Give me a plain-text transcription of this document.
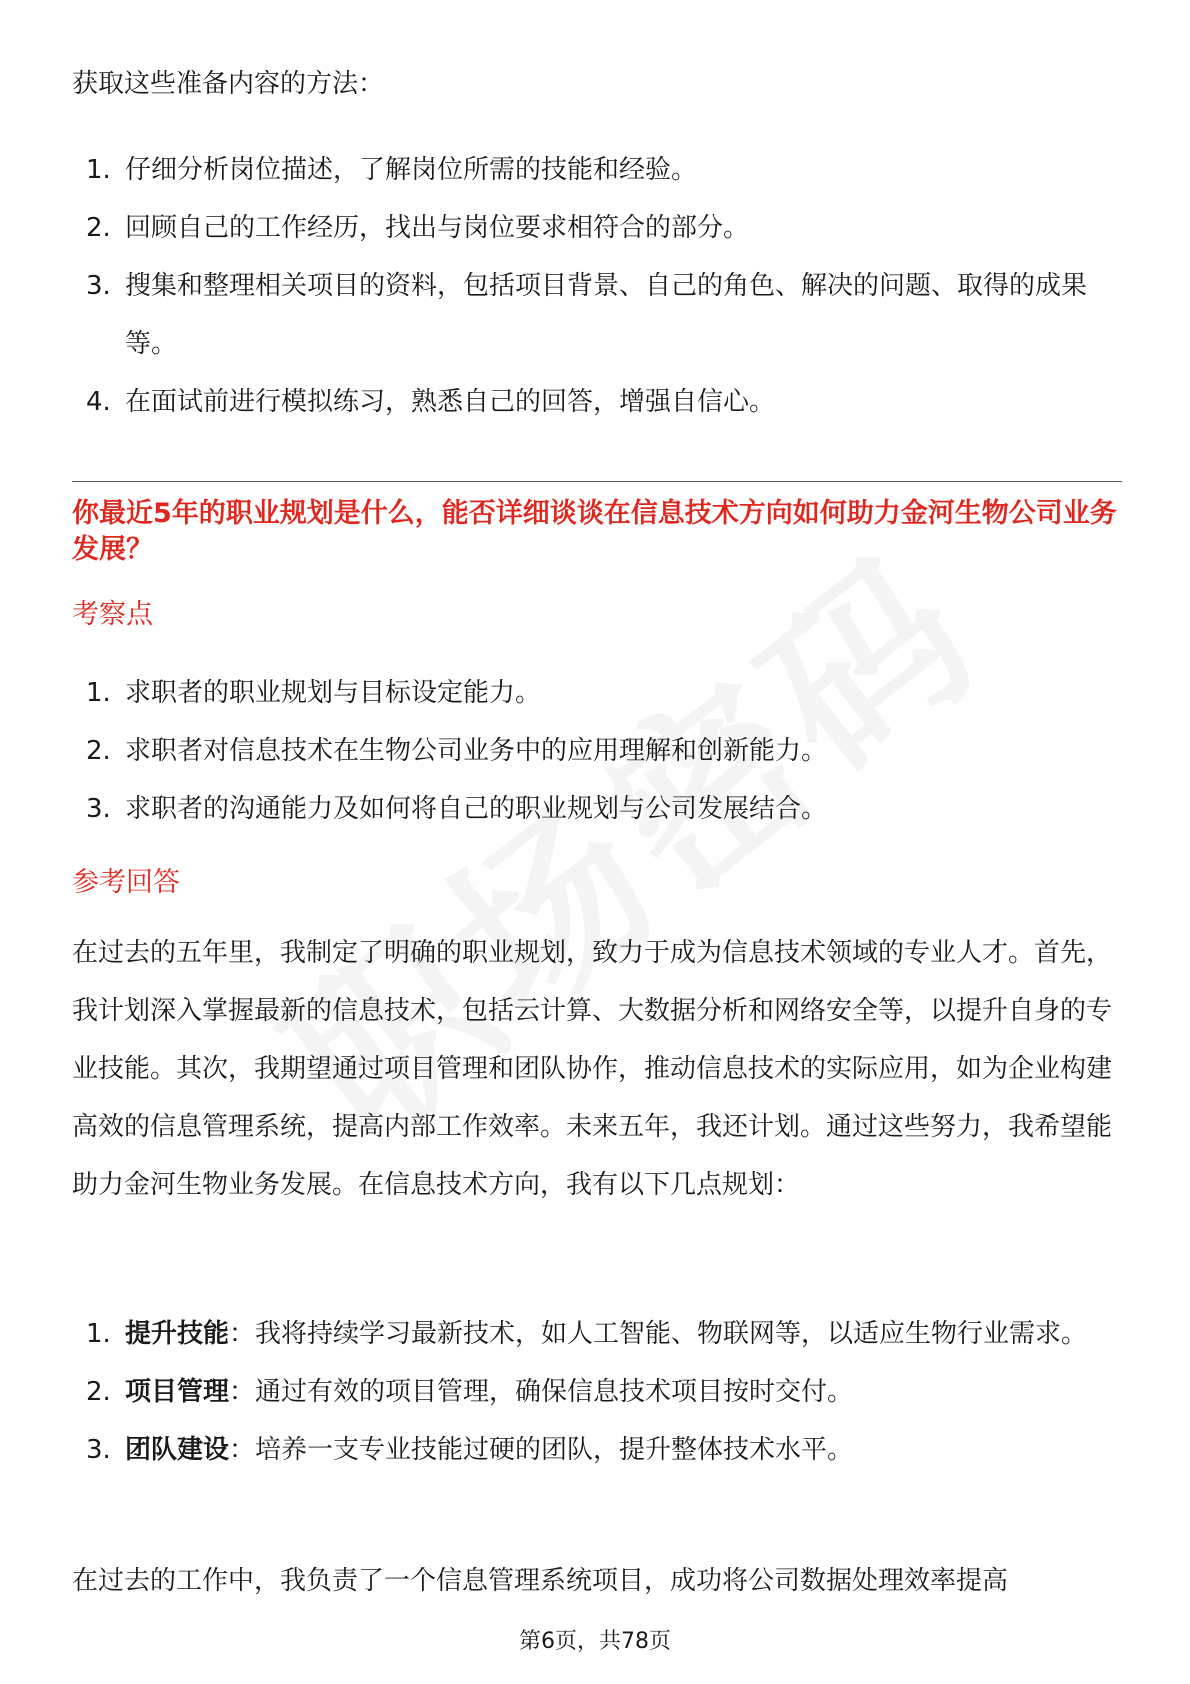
获取这些准备内容的方法：

1. 仔细分析岗位描述，了解岗位所需的技能和经验。
2. 回顾自己的工作经历，找出与岗位要求相符合的部分。
3. 搜集和整理相关项目的资料，包括项目背景、自己的角色、解决的问题、取得的成果等。
4. 在面试前进行模拟练习，熟悉自己的回答，增强自信心。
你最近5年的职业规划是什么，能否详细谈谈在信息技术方向如何助力金河生物公司业务发展？
考察点
1. 求职者的职业规划与目标设定能力。
2. 求职者对信息技术在生物公司业务中的应用理解和创新能力。
3. 求职者的沟通能力及如何将自己的职业规划与公司发展结合。
参考回答

在过去的五年里，我制定了明确的职业规划，致力于成为信息技术领域的专业人才。首先，我计划深入掌握最新的信息技术，包括云计算、大数据分析和网络安全等，以提升自身的专业技能。其次，我期望通过项目管理和团队协作，推动信息技术的实际应用，如为企业构建高效的信息管理系统，提高内部工作效率。未来五年，我还计划。通过这些努力，我希望能助力金河生物业务发展。在信息技术方向，我有以下几点规划：

1. 提升技能：我将持续学习最新技术，如人工智能、物联网等，以适应生物行业需求。
2. 项目管理：通过有效的项目管理，确保信息技术项目按时交付。
3. 团队建设：培养一支专业技能过硬的团队，提升整体技术水平。

在过去的工作中，我负责了一个信息管理系统项目，成功将公司数据处理效率提高

第6页，共78页
